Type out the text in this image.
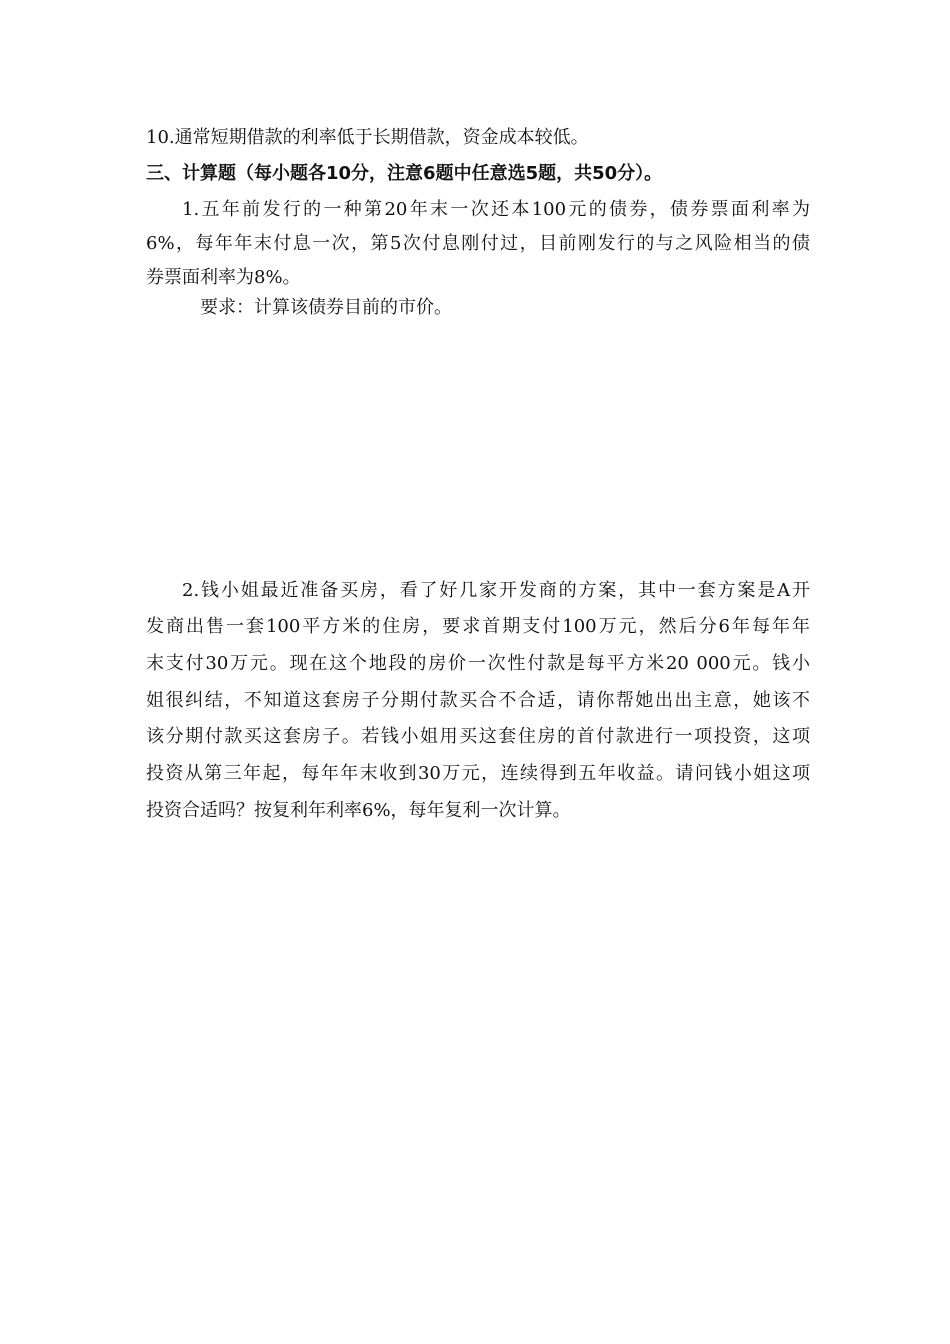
10.通常短期借款的利率低于长期借款，资金成本较低。
三、计算题（每小题各10分，注意6题中任意选5题，共50分）。
1.五年前发行的一种第20年末一次还本100元的债券，债券票面利率为
6%，每年年末付息一次，第5次付息刚付过，目前刚发行的与之风险相当的债
券票面利率为8%。
要求：计算该债券目前的市价。
2.钱小姐最近准备买房，看了好几家开发商的方案，其中一套方案是A开
发商出售一套100平方米的住房，要求首期支付100万元，然后分6年每年年
末支付30万元。现在这个地段的房价一次性付款是每平方米20 000元。钱小
姐很纠结，不知道这套房子分期付款买合不合适，请你帮她出出主意，她该不
该分期付款买这套房子。若钱小姐用买这套住房的首付款进行一项投资，这项
投资从第三年起，每年年末收到30万元，连续得到五年收益。请问钱小姐这项
投资合适吗？按复利年利率6%，每年复利一次计算。
